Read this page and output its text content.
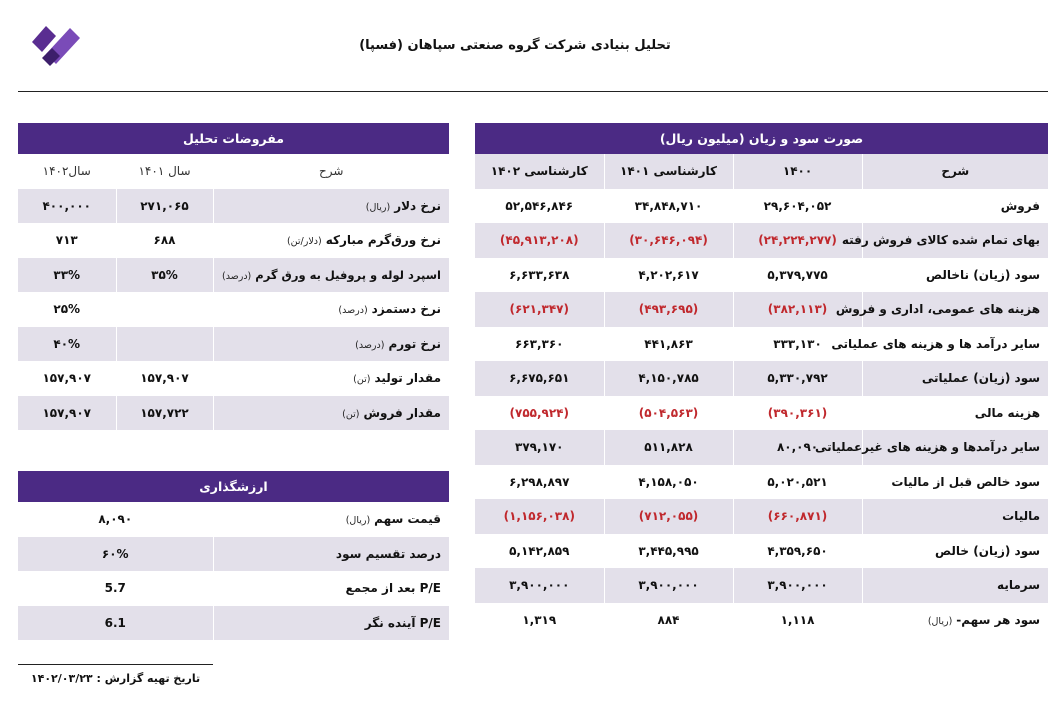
تحلیل بنیادی شرکت گروه صنعتی سپاهان (فسپا)
صورت سود و زیان (میلیون ریال)			
شرح	۱۴۰۰	کارشناسی ۱۴۰۱	کارشناسی ۱۴۰۲
فروش	۲۹,۶۰۴,۰۵۲	۳۴,۸۴۸,۷۱۰	۵۲,۵۴۶,۸۴۶
بهای تمام شده کالای فروش رفته	(۲۴,۲۲۴,۲۷۷)	(۳۰,۶۴۶,۰۹۴)	(۴۵,۹۱۳,۲۰۸)
سود (زیان) ناخالص	۵,۳۷۹,۷۷۵	۴,۲۰۲,۶۱۷	۶,۶۳۳,۶۳۸
هزینه های عمومی، اداری و فروش	(۳۸۲,۱۱۳)	(۴۹۳,۶۹۵)	(۶۲۱,۳۴۷)
سایر درآمد ها و هزینه های عملیاتی	۳۳۳,۱۳۰	۴۴۱,۸۶۳	۶۶۳,۳۶۰
سود (زیان) عملیاتی	۵,۳۳۰,۷۹۲	۴,۱۵۰,۷۸۵	۶,۶۷۵,۶۵۱
هزینه مالی	(۳۹۰,۳۶۱)	(۵۰۴,۵۶۳)	(۷۵۵,۹۲۴)
سایر درآمدها و هزینه های غیرعملیاتی	۸۰,۰۹۰	۵۱۱,۸۲۸	۳۷۹,۱۷۰
سود خالص قبل از مالیات	۵,۰۲۰,۵۲۱	۴,۱۵۸,۰۵۰	۶,۲۹۸,۸۹۷
مالیات	(۶۶۰,۸۷۱)	(۷۱۲,۰۵۵)	(۱,۱۵۶,۰۳۸)
سود (زیان) خالص	۴,۳۵۹,۶۵۰	۳,۴۴۵,۹۹۵	۵,۱۴۲,۸۵۹
سرمایه	۳,۹۰۰,۰۰۰	۳,۹۰۰,۰۰۰	۳,۹۰۰,۰۰۰
سود هر سهم-(ریال)	۱,۱۱۸	۸۸۴	۱,۳۱۹
مفروضات تحلیل		
شرح	سال ۱۴۰۱	سال۱۴۰۲
نرخ دلار(ریال)	۲۷۱,۰۶۵	۴۰۰,۰۰۰
نرخ ورق‌گرم مبارکه(دلار/تن)	۶۸۸	۷۱۳
اسپرد لوله و پروفیل به ورق گرم(درصد)	۳۵%	۳۳%
نرخ دستمزد(درصد)		۲۵%
نرخ تورم(درصد)		۴۰%
مقدار تولید(تن)	۱۵۷,۹۰۷	۱۵۷,۹۰۷
مقدار فروش(تن)	۱۵۷,۷۲۲	۱۵۷,۹۰۷
ارزشگذاری	
قیمت سهم(ریال)	۸,۰۹۰
درصد تقسیم سود	۶۰%
P/E بعد از مجمع	5.7
P/E آینده نگر	6.1
تاریخ تهیه گزارش : ۱۴۰۲/۰۳/۲۳
